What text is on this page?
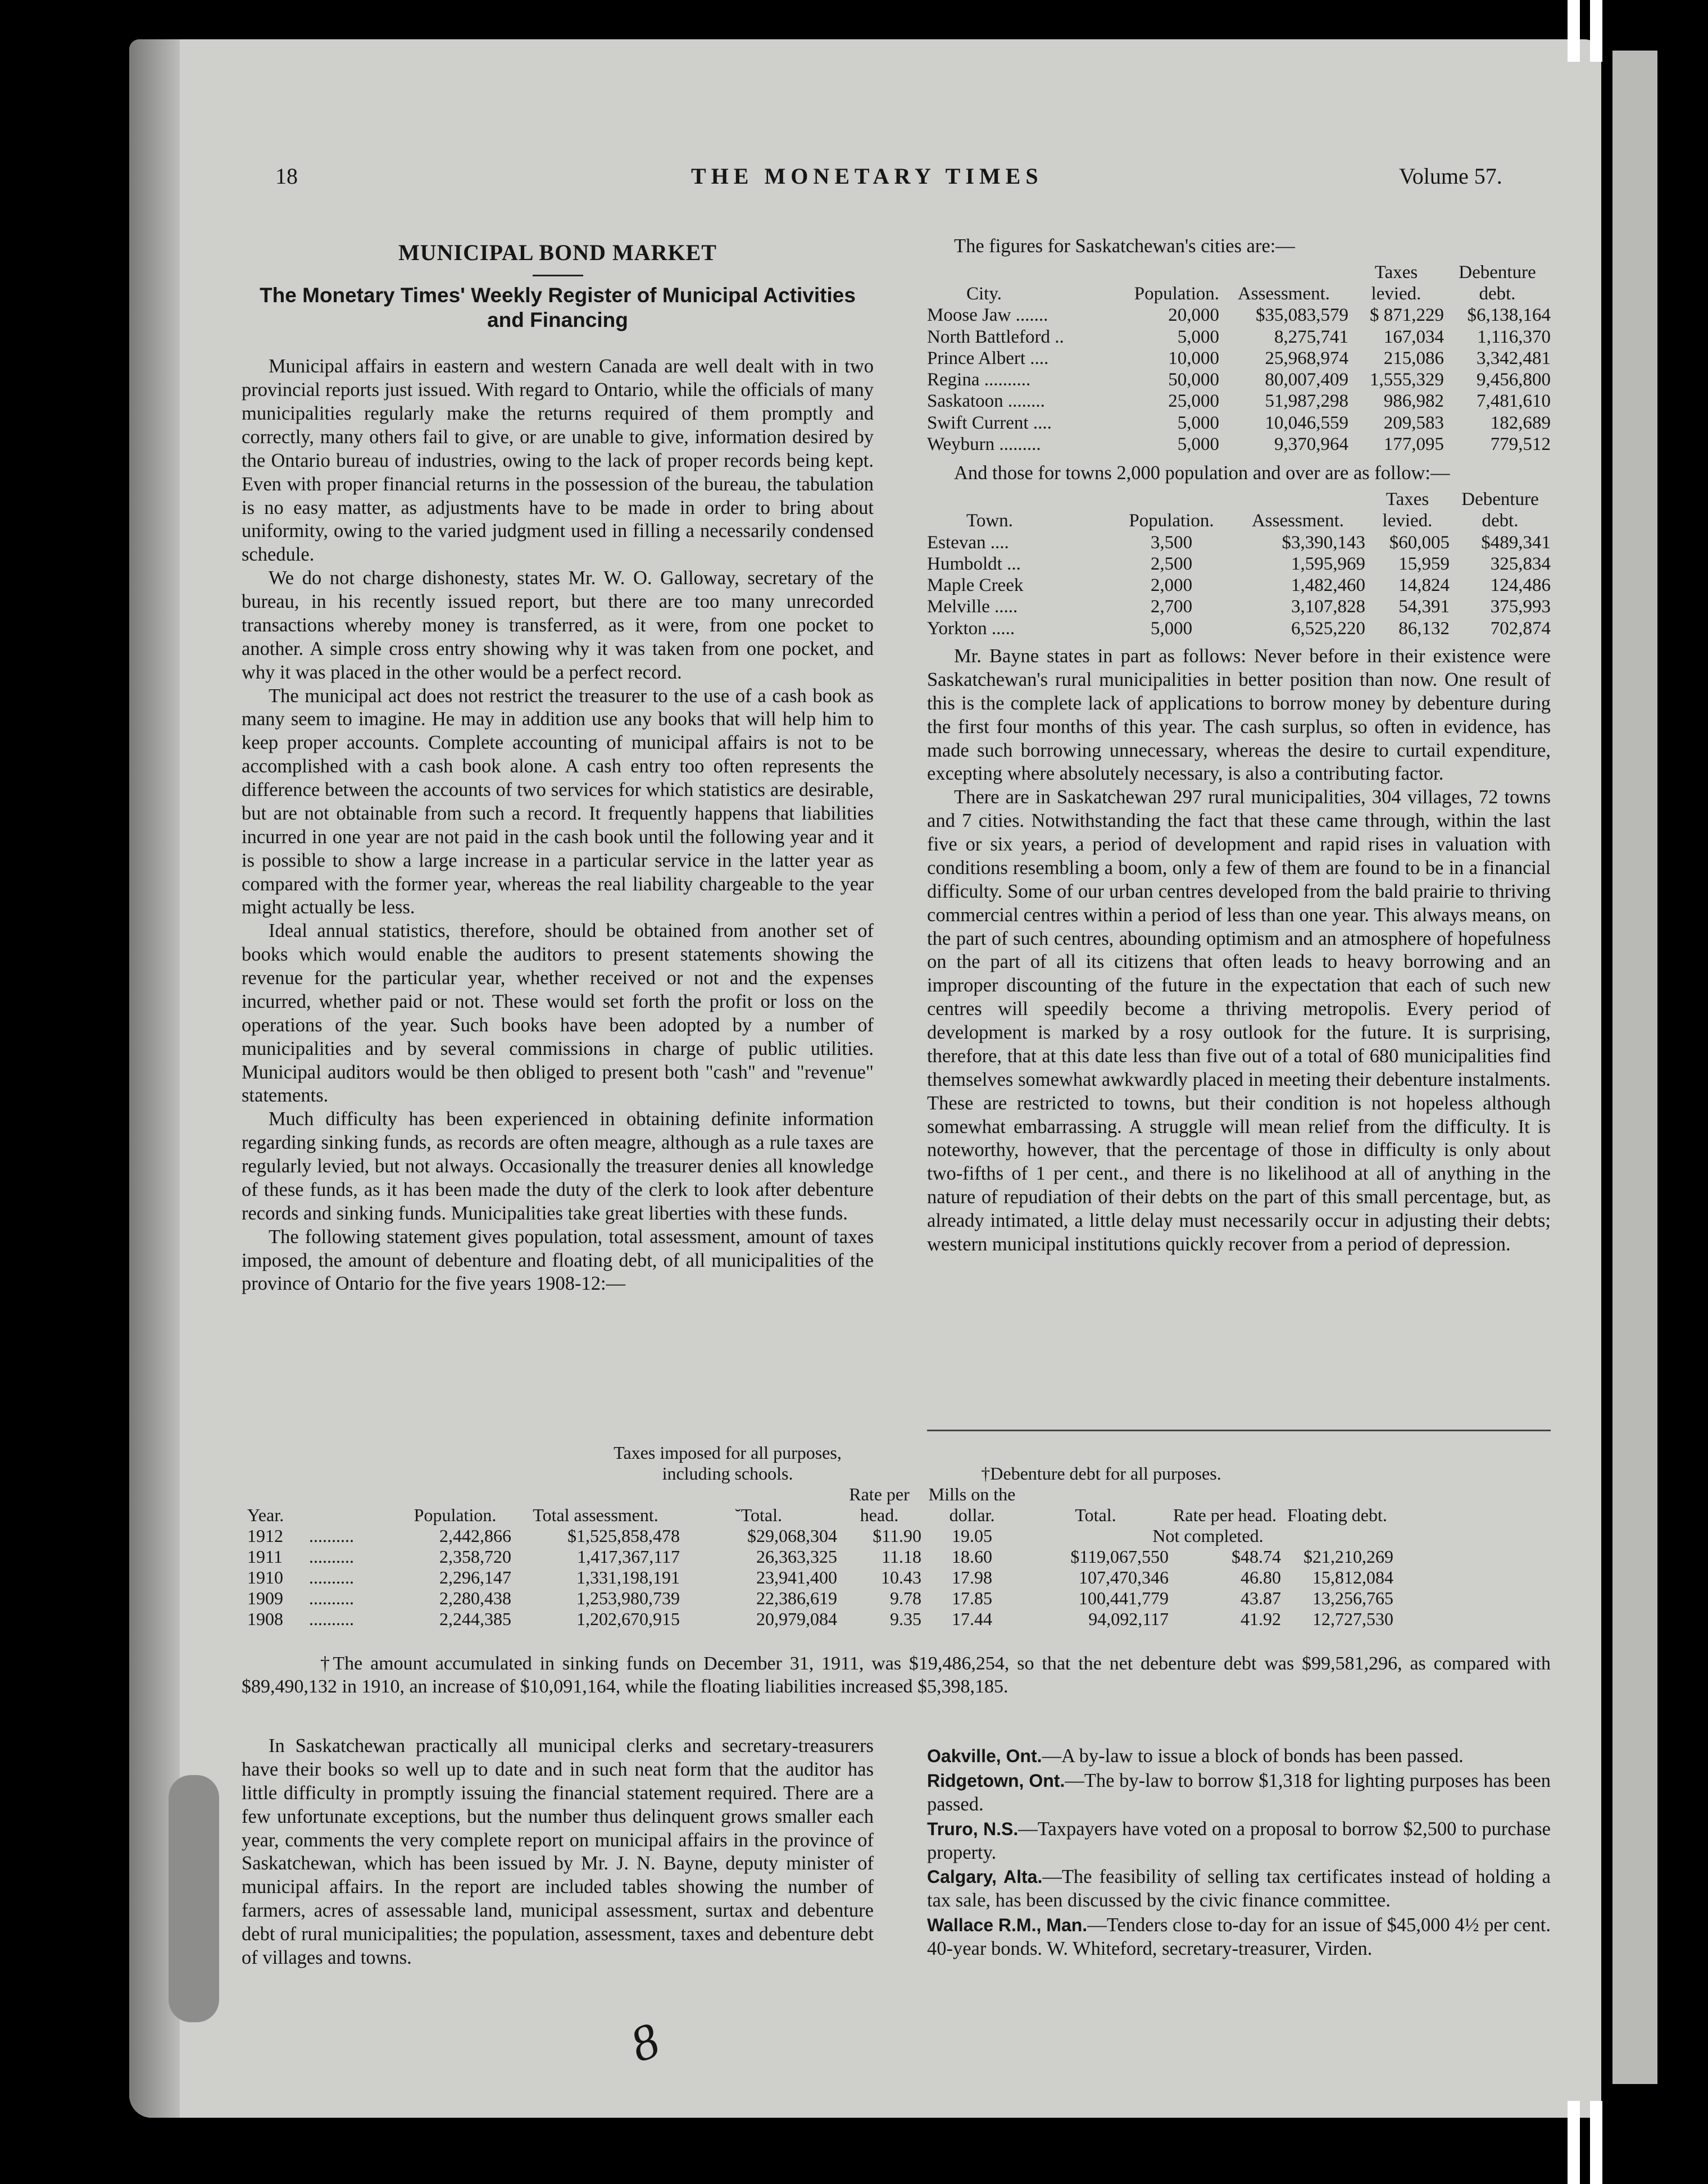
18	THE MONETARY TIMES	Volume 57.
MUNICIPAL BOND MARKET
The Monetary Times' Weekly Register of Municipal Activities and Financing

Municipal affairs in eastern and western Canada are well dealt with in two provincial reports just issued. With regard to Ontario, while the officials of many municipalities regularly make the returns required of them promptly and correctly, many others fail to give, or are unable to give, information desired by the Ontario bureau of industries, owing to the lack of proper records being kept. Even with proper financial returns in the possession of the bureau, the tabulation is no easy matter, as adjustments have to be made in order to bring about uniformity, owing to the varied judgment used in filling a necessarily condensed schedule.

We do not charge dishonesty, states Mr. W. O. Galloway, secretary of the bureau, in his recently issued report, but there are too many unrecorded transactions whereby money is transferred, as it were, from one pocket to another. A simple cross entry showing why it was taken from one pocket, and why it was placed in the other would be a perfect record.

The municipal act does not restrict the treasurer to the use of a cash book as many seem to imagine. He may in addition use any books that will help him to keep proper accounts. Complete accounting of municipal affairs is not to be accomplished with a cash book alone. A cash entry too often represents the difference between the accounts of two services for which statistics are desirable, but are not obtainable from such a record. It frequently happens that liabilities incurred in one year are not paid in the cash book until the following year and it is possible to show a large increase in a particular service in the latter year as compared with the former year, whereas the real liability chargeable to the year might actually be less.

Ideal annual statistics, therefore, should be obtained from another set of books which would enable the auditors to present statements showing the revenue for the particular year, whether received or not and the expenses incurred, whether paid or not. These would set forth the profit or loss on the operations of the year. Such books have been adopted by a number of municipalities and by several commissions in charge of public utilities. Municipal auditors would be then obliged to present both "cash" and "revenue" statements.

Much difficulty has been experienced in obtaining definite information regarding sinking funds, as records are often meagre, although as a rule taxes are regularly levied, but not always. Occasionally the treasurer denies all knowledge of these funds, as it has been made the duty of the clerk to look after debenture records and sinking funds. Municipalities take great liberties with these funds.

The following statement gives population, total assessment, amount of taxes imposed, the amount of debenture and floating debt, of all municipalities of the province of Ontario for the five years 1908-12:—

The figures for Saskatchewan's cities are:—

City.	Population.	Assessment.	Taxes levied.	Debenture debt.
Moose Jaw .......	20,000	$35,083,579	$ 871,229	$6,138,164
North Battleford ..	5,000	8,275,741	167,034	1,116,370
Prince Albert ....	10,000	25,968,974	215,086	3,342,481
Regina ..........	50,000	80,007,409	1,555,329	9,456,800
Saskatoon ........	25,000	51,987,298	986,982	7,481,610
Swift Current ....	5,000	10,046,559	209,583	182,689
Weyburn .........	5,000	9,370,964	177,095	779,512

And those for towns 2,000 population and over are as follow:—

Town.	Population.	Assessment.	Taxes levied.	Debenture debt.
Estevan ....	3,500	$3,390,143	$60,005	$489,341
Humboldt ...	2,500	1,595,969	15,959	325,834
Maple Creek	2,000	1,482,460	14,824	124,486
Melville .....	2,700	3,107,828	54,391	375,993
Yorkton .....	5,000	6,525,220	86,132	702,874

Mr. Bayne states in part as follows: Never before in their existence were Saskatchewan's rural municipalities in better position than now. One result of this is the complete lack of applications to borrow money by debenture during the first four months of this year. The cash surplus, so often in evidence, has made such borrowing unnecessary, whereas the desire to curtail expenditure, excepting where absolutely necessary, is also a contributing factor.

There are in Saskatchewan 297 rural municipalities, 304 villages, 72 towns and 7 cities. Notwithstanding the fact that these came through, within the last five or six years, a period of development and rapid rises in valuation with conditions resembling a boom, only a few of them are found to be in a financial difficulty. Some of our urban centres developed from the bald prairie to thriving commercial centres within a period of less than one year. This always means, on the part of such centres, abounding optimism and an atmosphere of hopefulness on the part of all its citizens that often leads to heavy borrowing and an improper discounting of the future in the expectation that each of such new centres will speedily become a thriving metropolis. Every period of development is marked by a rosy outlook for the future. It is surprising, therefore, that at this date less than five out of a total of 680 municipalities find themselves somewhat awkwardly placed in meeting their debenture instalments. These are restricted to towns, but their condition is not hopeless although somewhat embarrassing. A struggle will mean relief from the difficulty. It is noteworthy, however, that the percentage of those in difficulty is only about two-fifths of 1 per cent., and there is no likelihood at all of anything in the nature of repudiation of their debts on the part of this small percentage, but, as already intimated, a little delay must necessarily occur in adjusting their debts; western municipal institutions quickly recover from a period of depression.

			Taxes imposed for all purposes, including schools.			†Debenture debt for all purposes.				

Year.		Population.	Total assessment.	˘Total.	Rate per head.	Mills on the dollar.	Total.	Rate per head.	Floating debt.	
1912	..........	2,442,866	$1,525,858,478	$29,068,304	$11.90	19.05	Not completed.			
1911	..........	2,358,720	1,417,367,117	26,363,325	11.18	18.60	$119,067,550	$48.74	$21,210,269	
1910	..........	2,296,147	1,331,198,191	23,941,400	10.43	17.98	107,470,346	46.80	15,812,084	
1909	..........	2,280,438	1,253,980,739	22,386,619	9.78	17.85	100,441,779	43.87	13,256,765	
1908	..........	2,244,385	1,202,670,915	20,979,084	9.35	17.44	94,092,117	41.92	12,727,530	
†The amount accumulated in sinking funds on December 31, 1911, was $19,486,254, so that the net debenture debt was $99,581,296, as compared with $89,490,132 in 1910, an increase of $10,091,164, while the floating liabilities increased $5,398,185.

In Saskatchewan practically all municipal clerks and secretary-treasurers have their books so well up to date and in such neat form that the auditor has little difficulty in promptly issuing the financial statement required. There are a few unfortunate exceptions, but the number thus delinquent grows smaller each year, comments the very complete report on municipal affairs in the province of Saskatchewan, which has been issued by Mr. J. N. Bayne, deputy minister of municipal affairs. In the report are included tables showing the number of farmers, acres of assessable land, municipal assessment, surtax and debenture debt of rural municipalities; the population, assessment, taxes and debenture debt of villages and towns.

Oakville, Ont.—A by-law to issue a block of bonds has been passed.

Ridgetown, Ont.—The by-law to borrow $1,318 for lighting purposes has been passed.

Truro, N.S.—Taxpayers have voted on a proposal to borrow $2,500 to purchase property.

Calgary, Alta.—The feasibility of selling tax certificates instead of holding a tax sale, has been discussed by the civic finance committee.

Wallace R.M., Man.—Tenders close to-day for an issue of $45,000 4½ per cent. 40-year bonds. W. Whiteford, secretary-treasurer, Virden.

8
